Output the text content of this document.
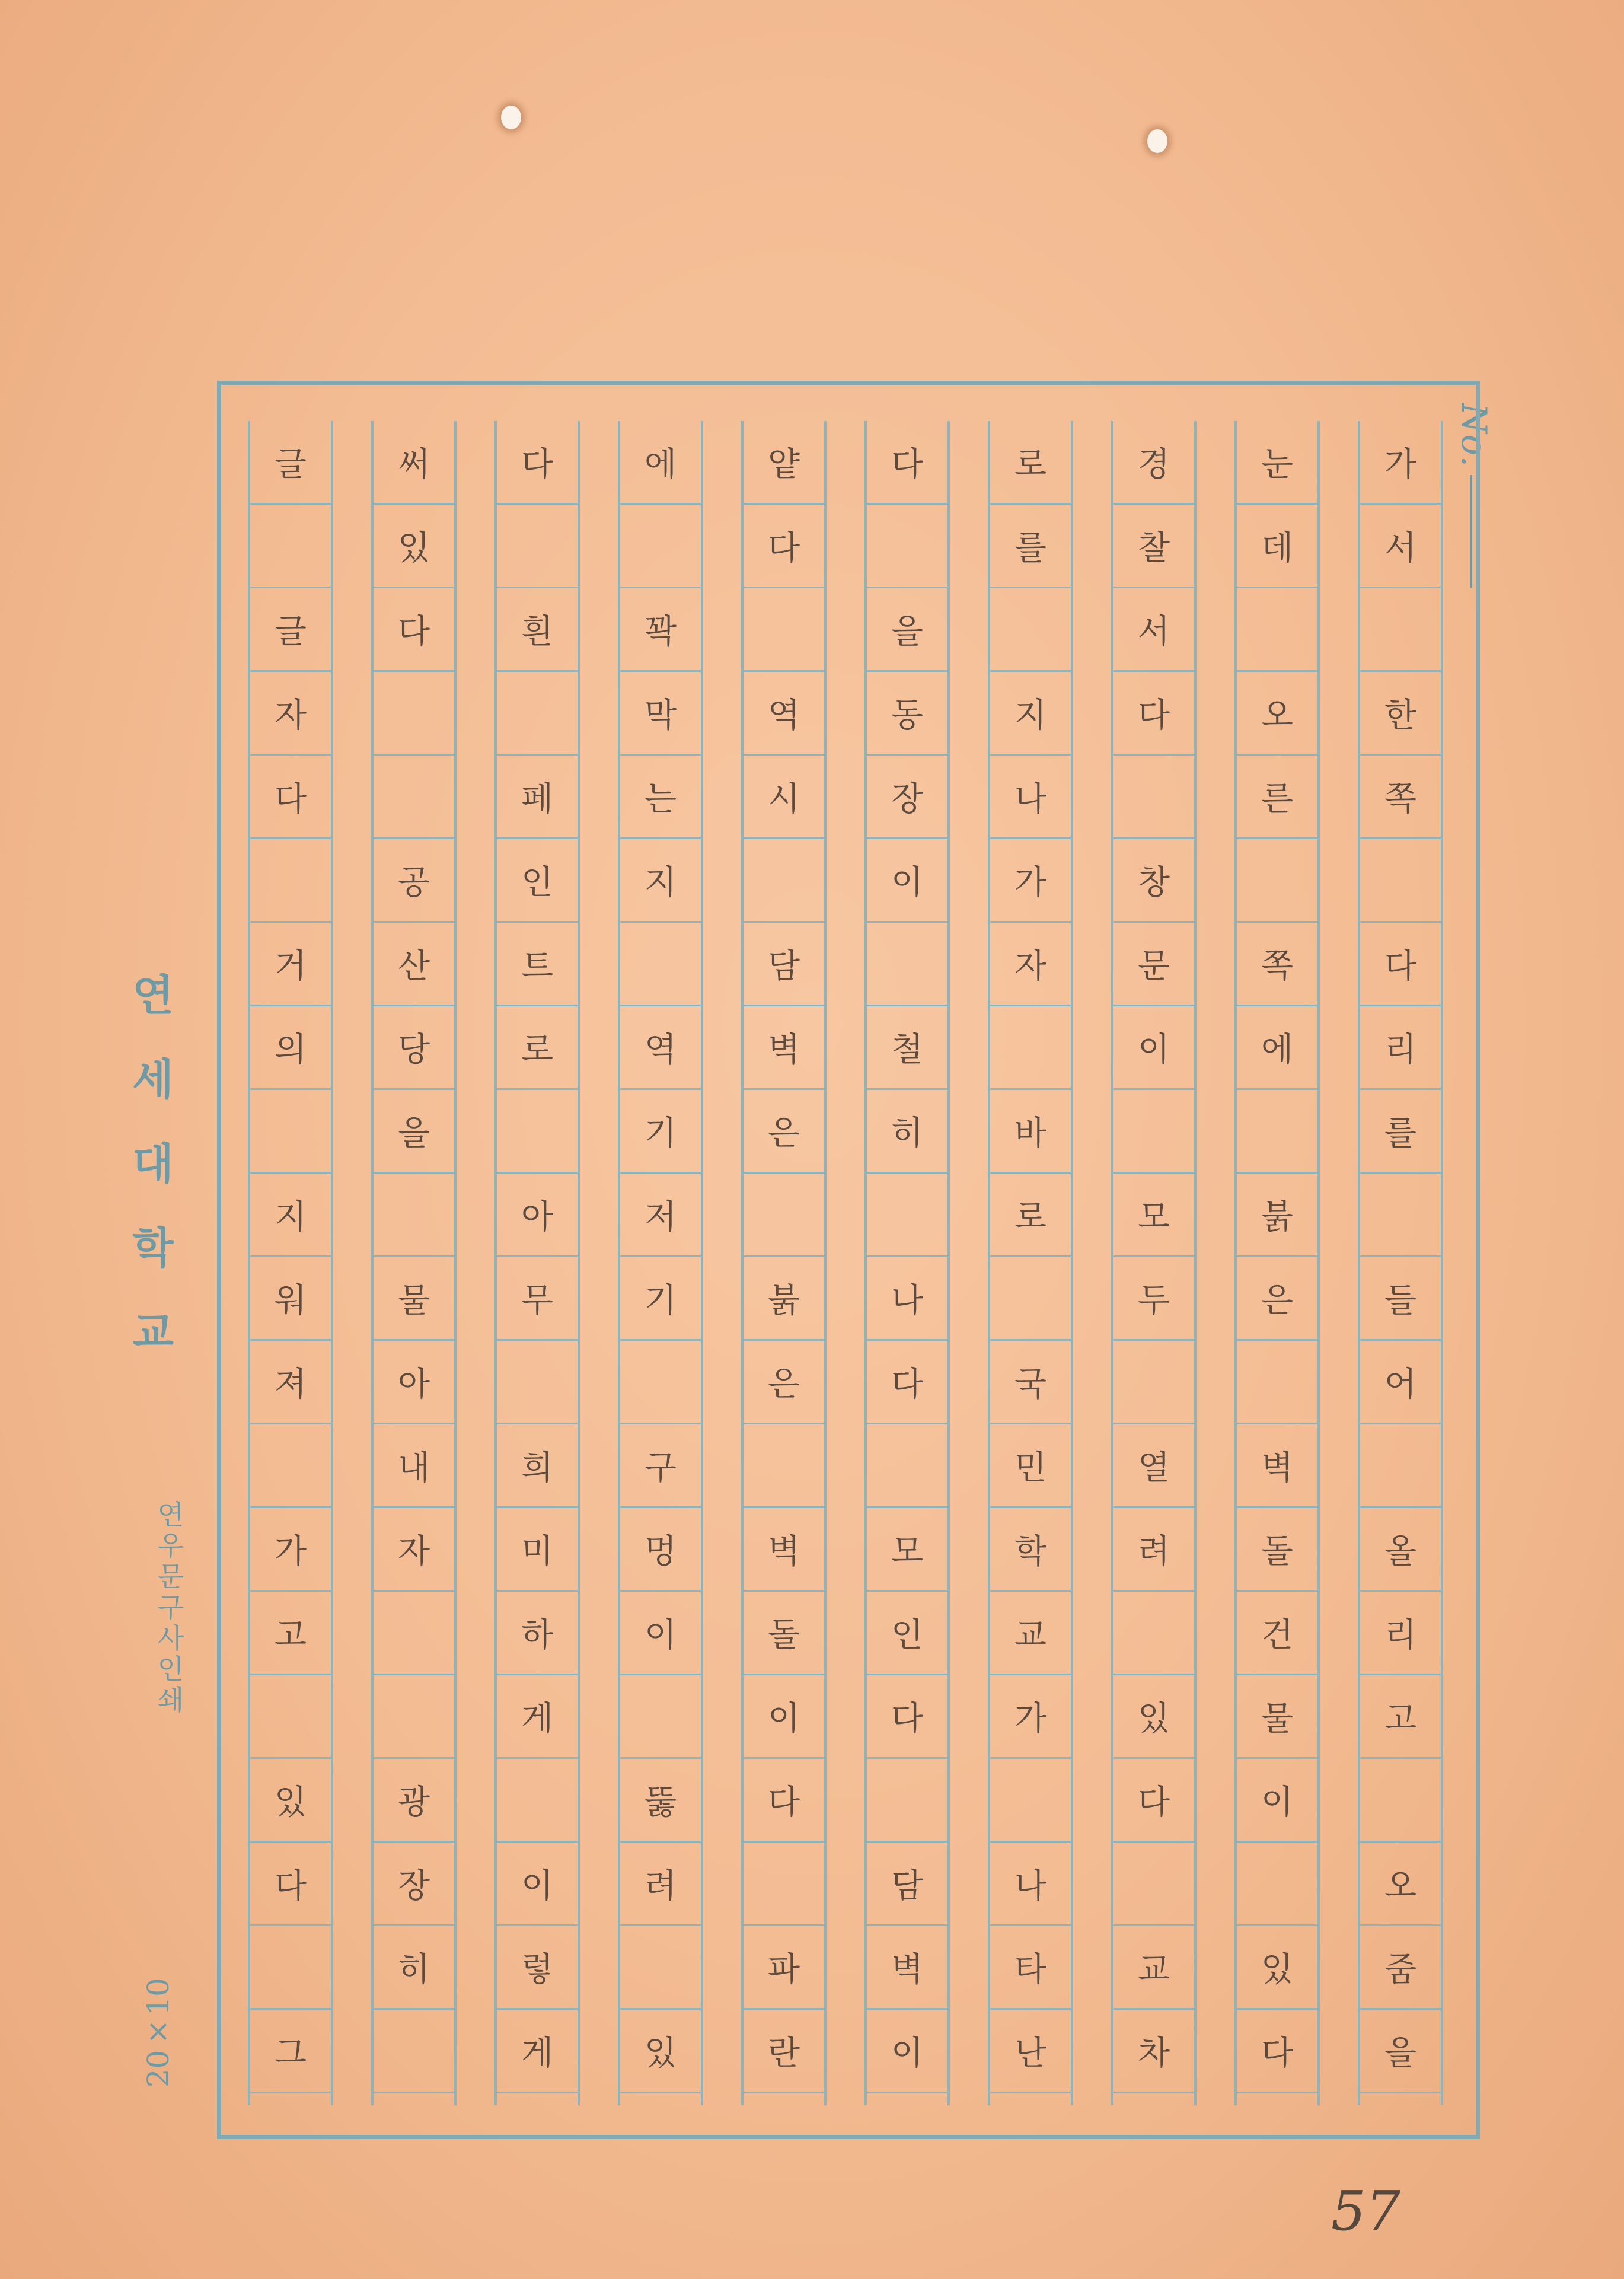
No.
가
서
한
쪽
다
리
를
들
어
올
리
고
오
줌
을
눈
데
오
른
쪽
에
붉
은
벽
돌
건
물
이
있
다
경
찰
서
다
창
문
이
모
두
열
려
있
다
교
차
로
를
지
나
가
자
바
로
국
민
학
교
가
나
타
난
다
을
동
장
이
철
히
나
다
모
인
다
담
벽
이
얕
다
역
시
담
벽
은
붉
은
벽
돌
이
다
파
란
에
꽉
막
는
지
역
기
저
기
구
멍
이
뚫
려
있
다
흰
페
인
트
로
아
무
희
미
하
게
이
렇
게
써
있
다
공
산
당
을
물
아
내
자
광
장
히
글
글
자
다
거
의
지
워
져
가
고
있
다
그
연세대학교
연우문구사인쇄
20×10
57
